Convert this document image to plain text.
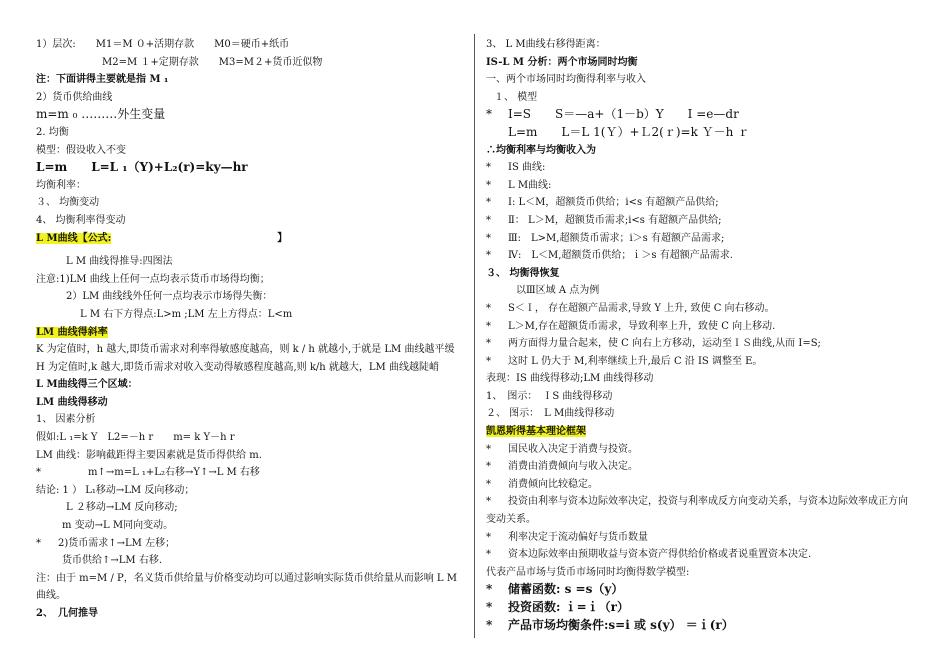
1）层次:　　M1＝M ０+活期存款　　M0＝硬币+纸币
M2=M １+定期存款　　M3=M２+货币近似物
注：下面讲得主要就是指 M ₁
2）货币供给曲线
m=m ₀ ………外生变量
2. 均衡
模型：假设收入不变
L=m　　L=L ₁（Y)+L₂(r)=ky—hr
均衡利率：
３、 均衡变动
4、 均衡利率得变动
L M曲线【公式:	】
L M 曲线得推导:四图法
注意:1)LM 曲线上任何一点均表示货币市场得均衡；
2）LM 曲线线外任何一点均表示市场得失衡：
L M 右下方得点:L>m ;LM 左上方得点：L<m
LM 曲线得斜率
K 为定值时，h 越大,即货币需求对利率得敏感度越高，则 k / h 就越小,于就是 LM 曲线越平缓
H 为定值时,k 越大,即货币需求对收入变动得敏感程度越高,则 k/h 就越大，LM 曲线越陡峭
L M曲线得三个区域：
LM 曲线得移动
1、 因素分析
假如:L ₁=k Y　L2=－h r　　m= k Y－h r
LM 曲线：影响截距得主要因素就是货币得供给 m.
*	m↑→m=L ₁+L₂右移→Y↑→L M 右移
结论: 1 ） L₁移动→LM 反向移动；
L ２移动→LM 反向移动;
m 变动→L M同向变动。
* 2)货币需求↑→LM 左移；
货币供给↑→LM 右移.
注：由于 m=M / P，名义货币供给量与价格变动均可以通过影响实际货币供给量从而影响 L M 曲线。
2、　几何推导
3、 L M曲线右移得距离：
IS-L M 分析：两个市场同时均衡
一、两个市场同时均衡得利率与收入
１、 模型
* I=S　　S＝—a+（1－b）Y　　I =e—dr
L=m　　L＝L 1(Ｙ）+Ｌ2(ｒ)=k Ｙ－h ｒ
∴均衡利率与均衡收入为
* IS 曲线:
* L M曲线:
* Ⅰ: L＜M，超额货币供给；i<s 有超额产品供给;
* Ⅱ： L＞M，超额货币需求;i<s 有超额产品供给;
* Ⅲ:　L>M,超额货币需求；i＞s 有超额产品需求;
* Ⅳ:　L＜M,超额货币供给；ｉ＞s 有超额产品需求.
３、 均衡得恢复
以Ⅲ区域 A 点为例
* S＜Ｉ， 存在超额产品需求,导致 Y 上升, 致使 C 向右移动。
* L＞M,存在超额货币需求，导致利率上升，致使 C 向上移动.
* 两方面得力量合起来，使 C 向右上方移动，运动至ＩＳ曲线,从而 I=S;
* 这时 L 仍大于 M,利率继续上升,最后 C 沿 IS 调整至 E。
表现：IS 曲线得移动;LM 曲线得移动
1、　图示：　ＩS 曲线得移动
２、 图示：　L M曲线得移动
凯恩斯得基本理论框架
* 国民收入决定于消费与投资。
* 消费由消费倾向与收入决定。
* 消费倾向比较稳定。
*	投资由利率与资本边际效率决定，投资与利率成反方向变动关系，与资本边际效率成正方向变动关系。
* 利率决定于流动偏好与货币数量
* 资本边际效率由预期收益与资本资产得供给价格或者说重置资本决定.
代表产品市场与货币市场同时均衡得数学模型:
* 储蓄函数: s =s（y）
* 投资函数: ｉ=ｉ（r）
* 产品市场均衡条件:s=i 或 s(y） ＝ｉ(r）
